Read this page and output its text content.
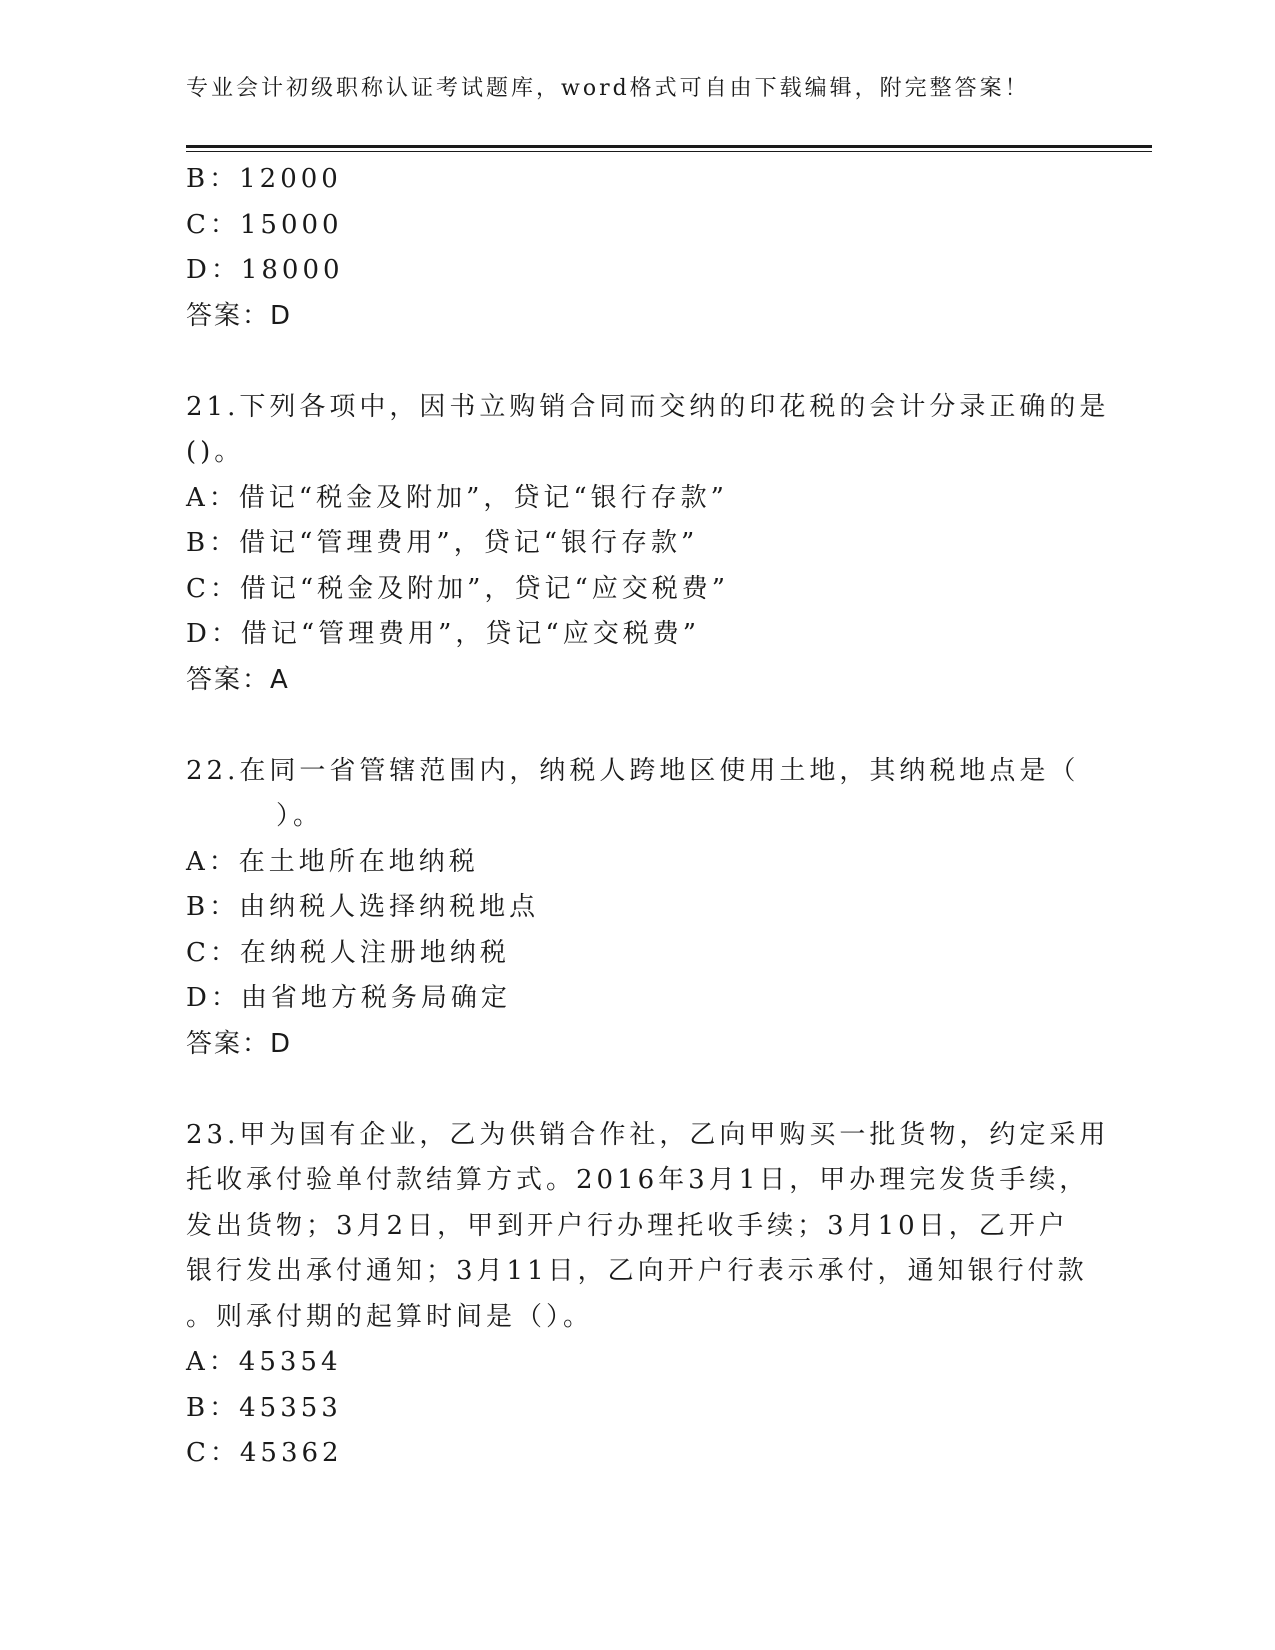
专业会计初级职称认证考试题库，word格式可自由下载编辑，附完整答案！
B：12000
C：15000
D：18000
答案：D
21.下列各项中，因书立购销合同而交纳的印花税的会计分录正确的是
()。
A：借记“税金及附加”，贷记“银行存款”
B：借记“管理费用”，贷记“银行存款”
C：借记“税金及附加”，贷记“应交税费”
D：借记“管理费用”，贷记“应交税费”
答案：A
22.在同一省管辖范围内，纳税人跨地区使用土地，其纳税地点是（
）。
A：在土地所在地纳税
B：由纳税人选择纳税地点
C：在纳税人注册地纳税
D：由省地方税务局确定
答案：D
23.甲为国有企业，乙为供销合作社，乙向甲购买一批货物，约定采用
托收承付验单付款结算方式。2016年3月1日，甲办理完发货手续，
发出货物；3月2日，甲到开户行办理托收手续；3月10日，乙开户
银行发出承付通知；3月11日，乙向开户行表示承付，通知银行付款
。则承付期的起算时间是（）。
A：45354
B：45353
C：45362
